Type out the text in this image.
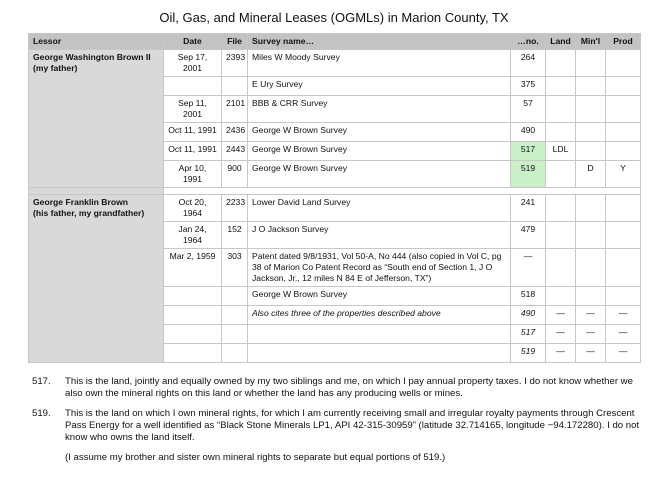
Oil, Gas, and Mineral Leases (OGMLs) in Marion County, TX
Lessor	Date	File	Survey name…	…no.	Land	Min'l	Prod

George Washington Brown II
(my father)	Sep 17, 2001	2393	Miles W Moody Survey	264			
			E Ury Survey	375			
	Sep 11, 2001	2101	BBB & CRR Survey	57			
	Oct 11, 1991	2436	George W Brown Survey	490			
	Oct 11, 1991	2443	George W Brown Survey	517	LDL		
	Apr 10, 1991	900	George W Brown Survey	519		D	Y

George Franklin Brown
(his father, my grandfather)	Oct 20, 1964	2233	Lower David Land Survey	241			
	Jan 24, 1964	152	J O Jackson Survey	479			
	Mar 2, 1959	303	Patent dated 9/8/1931, Vol 50-A, No 444 (also copied in Vol C, pg 38 of Marion Co Patent Record as “South end of Section 1, J O Jackson, Jr., 12 miles N 84 E of Jefferson, TX”)	—			
			George W Brown Survey	518			
			Also cites three of the properties described above	490	—	—	—
				517	—	—	—
				519	—	—	—
517.	This is the land, jointly and equally owned by my two siblings and me, on which I pay annual property taxes. I do not know whether we also own the mineral rights on this land or whether the land has any producing wells or mines.
519.	This is the land on which I own mineral rights, for which I am currently receiving small and irregular royalty payments through Crescent Pass Energy for a well identified as “Black Stone Minerals LP1, API 42-315-30959” (latitude 32.714165, longitude −94.172280). I do not know who owns the land itself.
(I assume my brother and sister own mineral rights to separate but equal portions of 519.)
